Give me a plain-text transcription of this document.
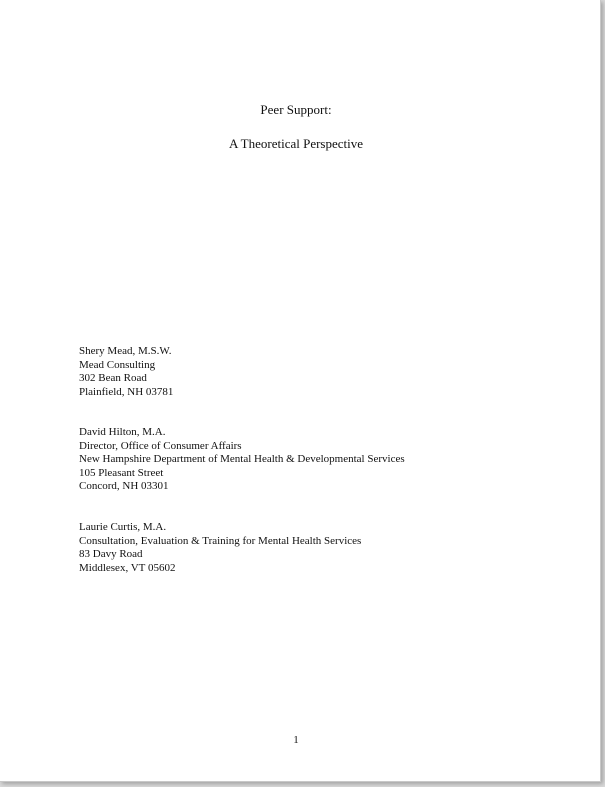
Peer Support:
A Theoretical Perspective
Shery Mead, M.S.W.
Mead Consulting
302 Bean Road
Plainfield, NH 03781
David Hilton, M.A.
Director, Office of Consumer Affairs
New Hampshire Department of Mental Health & Developmental Services
105 Pleasant Street
Concord, NH 03301
Laurie Curtis, M.A.
Consultation, Evaluation & Training for Mental Health Services
83 Davy Road
Middlesex, VT 05602
1
